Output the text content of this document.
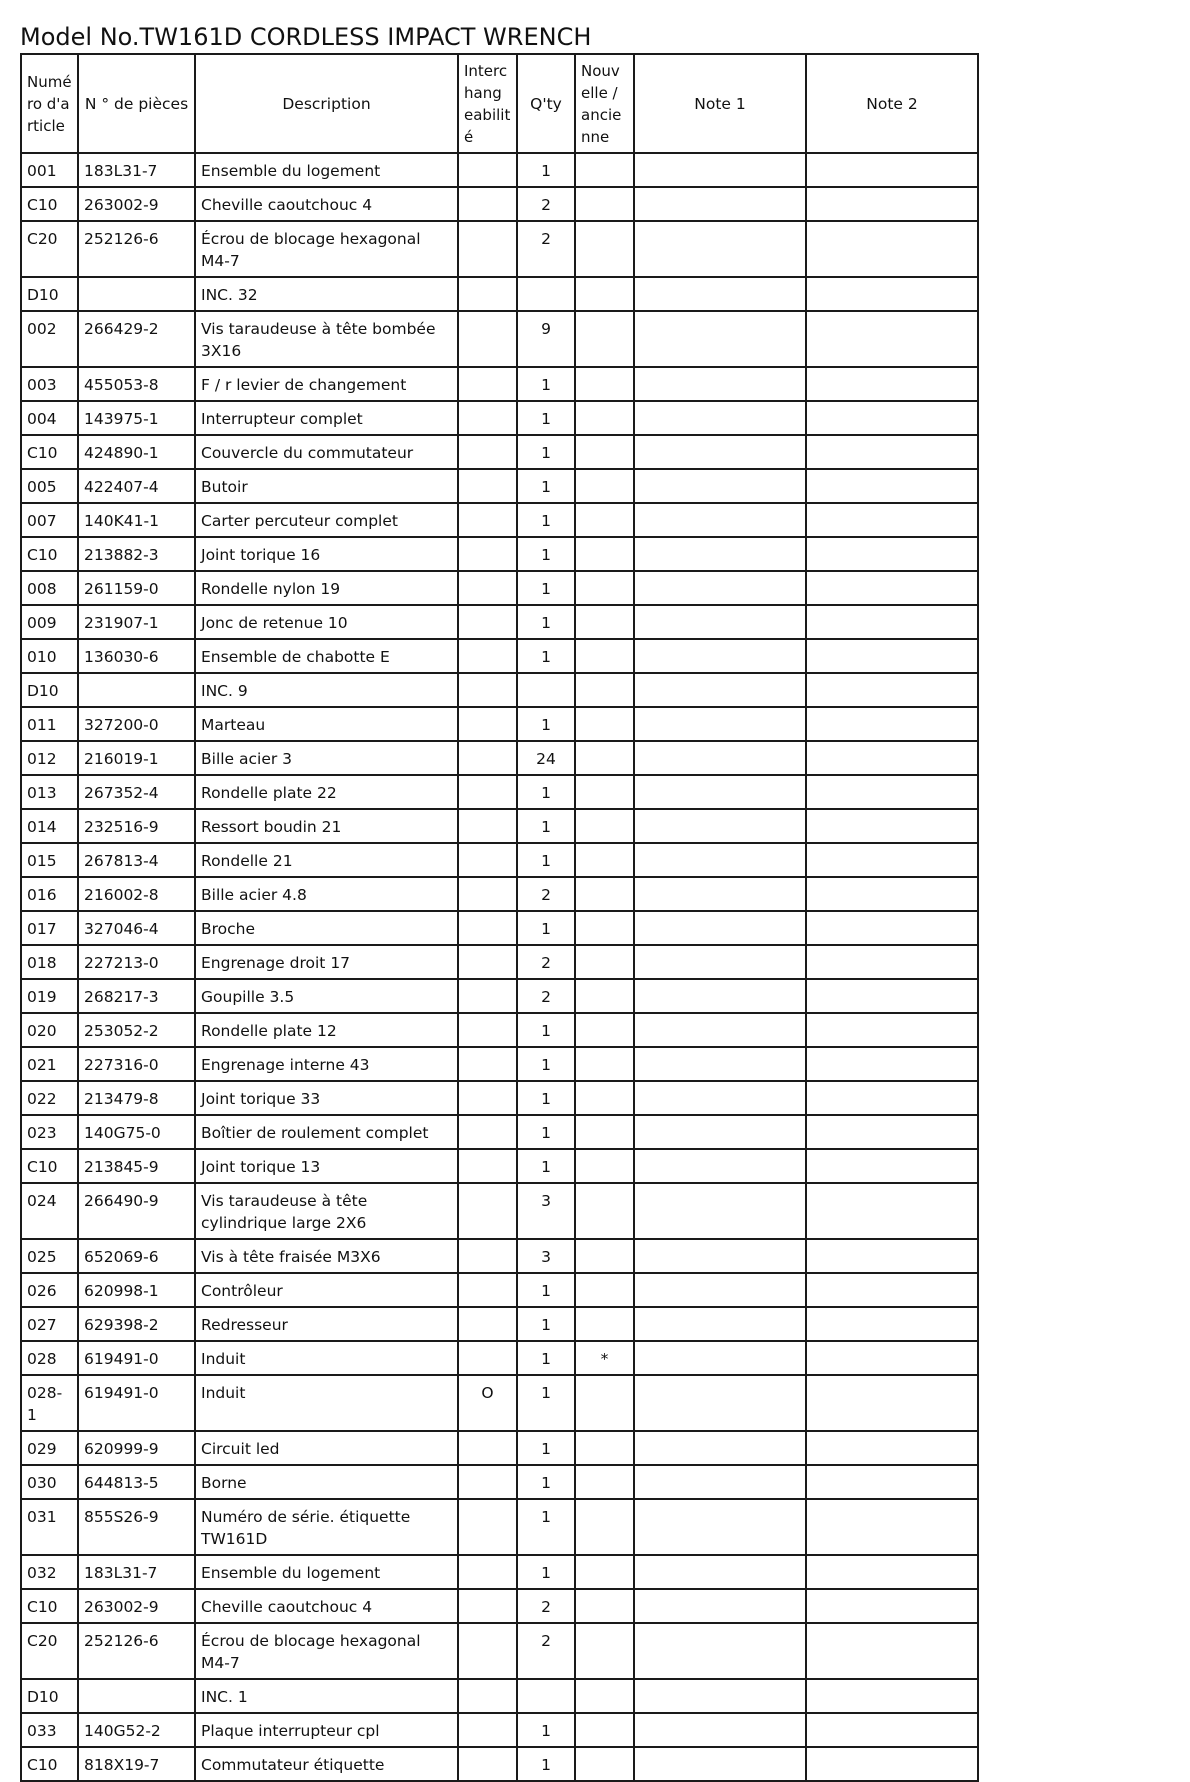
Model No.TW161D CORDLESS IMPACT WRENCH
Numé ro d'a rticle	N ° de pièces	Description	Interc hang eabilit é	Q'ty	Nouv elle / ancie nne	Note 1	Note 2
001	183L31-7	Ensemble du logement		1			
C10	263002-9	Cheville caoutchouc 4		2			
C20	252126-6	Écrou de blocage hexagonal M4-7		2			
D10		INC. 32					
002	266429-2	Vis taraudeuse à tête bombée 3X16		9			
003	455053-8	F / r levier de changement		1			
004	143975-1	Interrupteur complet		1			
C10	424890-1	Couvercle du commutateur		1			
005	422407-4	Butoir		1			
007	140K41-1	Carter percuteur complet		1			
C10	213882-3	Joint torique 16		1			
008	261159-0	Rondelle nylon 19		1			
009	231907-1	Jonc de retenue 10		1			
010	136030-6	Ensemble de chabotte E		1			
D10		INC. 9					
011	327200-0	Marteau		1			
012	216019-1	Bille acier 3		24			
013	267352-4	Rondelle plate 22		1			
014	232516-9	Ressort boudin 21		1			
015	267813-4	Rondelle 21		1			
016	216002-8	Bille acier 4.8		2			
017	327046-4	Broche		1			
018	227213-0	Engrenage droit 17		2			
019	268217-3	Goupille 3.5		2			
020	253052-2	Rondelle plate 12		1			
021	227316-0	Engrenage interne 43		1			
022	213479-8	Joint torique 33		1			
023	140G75-0	Boîtier de roulement complet		1			
C10	213845-9	Joint torique 13		1			
024	266490-9	Vis taraudeuse à tête cylindrique large 2X6		3			
025	652069-6	Vis à tête fraisée M3X6		3			
026	620998-1	Contrôleur		1			
027	629398-2	Redresseur		1			
028	619491-0	Induit		1	*		
028-1	619491-0	Induit	O	1			
029	620999-9	Circuit led		1			
030	644813-5	Borne		1			
031	855S26-9	Numéro de série. étiquette TW161D		1			
032	183L31-7	Ensemble du logement		1			
C10	263002-9	Cheville caoutchouc 4		2			
C20	252126-6	Écrou de blocage hexagonal M4-7		2			
D10		INC. 1					
033	140G52-2	Plaque interrupteur cpl		1			
C10	818X19-7	Commutateur étiquette		1			
